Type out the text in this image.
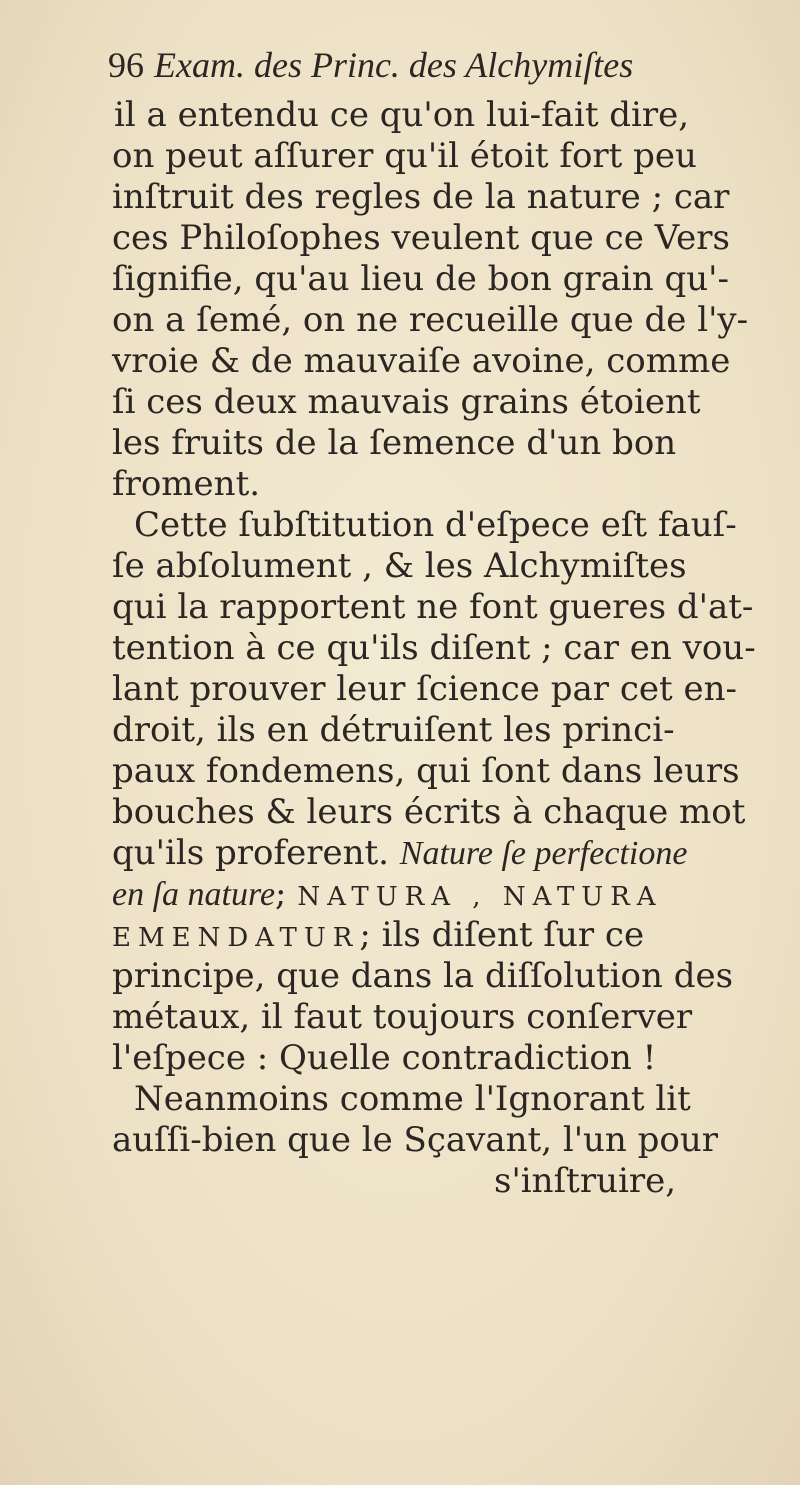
96 Exam. des Princ. des Alchymiſtes
il a entendu ce qu'on lui-fait dire,
on peut aſſurer qu'il étoit fort peu
inſtruit des regles de la nature ; car
ces Philoſophes veulent que ce Vers
ſignifie, qu'au lieu de bon grain qu'-
on a ſemé, on ne recueille que de l'y-
vroie & de mauvaiſe avoine, comme
ſi ces deux mauvais grains étoient
les fruits de la ſemence d'un bon
froment.
Cette ſubſtitution d'eſpece eſt fauſ-
ſe abſolument , & les Alchymiſtes
qui la rapportent ne font gueres d'at-
tention à ce qu'ils diſent ; car en vou-
lant prouver leur ſcience par cet en-
droit, ils en détruiſent les princi-
paux fondemens, qui ſont dans leurs
bouches & leurs écrits à chaque mot
qu'ils proferent. Nature ſe perfectione
en ſa nature; NATURA , NATURA
EMENDATUR; ils diſent ſur ce
principe, que dans la diſſolution des
métaux, il faut toujours conſerver
l'eſpece : Quelle contradiction !
Neanmoins comme l'Ignorant lit
auſſi-bien que le Sçavant, l'un pour
s'inſtruire,
